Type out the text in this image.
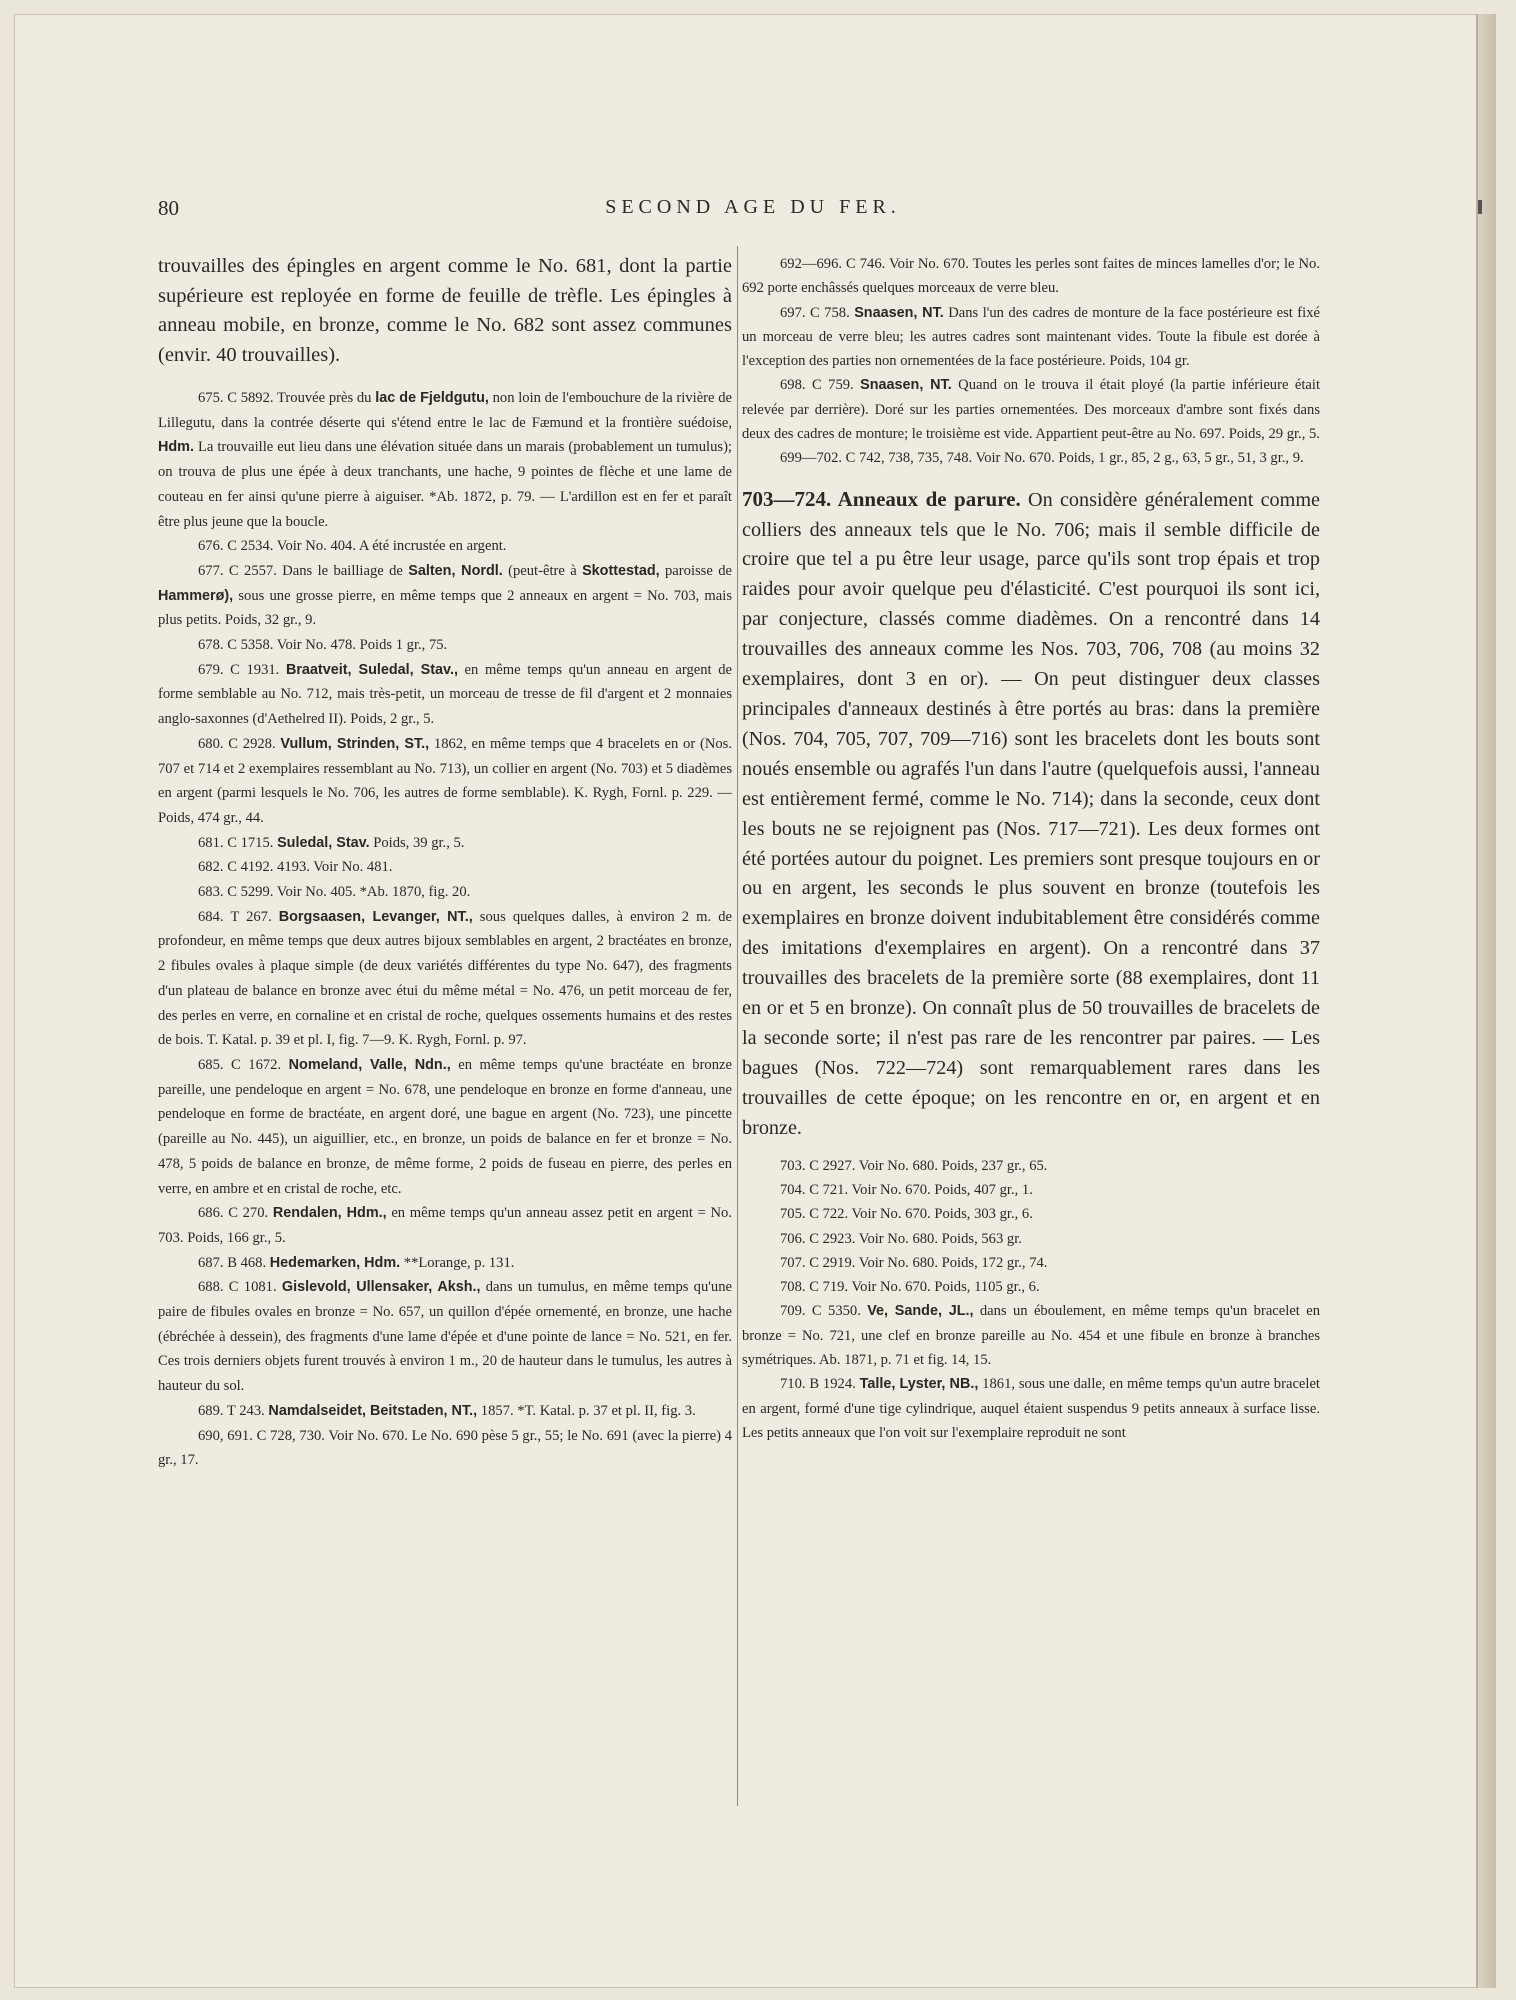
80	SECOND AGE DU FER.

trouvailles des épingles en argent comme le No. 681, dont la partie supérieure est reployée en forme de feuille de trèfle. Les épingles à anneau mobile, en bronze, comme le No. 682 sont assez communes (envir. 40 trouvailles).

675. C 5892. Trouvée près du lac de Fjeldgutu, non loin de l'embouchure de la rivière de Lillegutu, dans la contrée déserte qui s'étend entre le lac de Fæmund et la frontière suédoise, Hdm. La trouvaille eut lieu dans une élévation située dans un marais (probablement un tumulus); on trouva de plus une épée à deux tranchants, une hache, 9 pointes de flèche et une lame de couteau en fer ainsi qu'une pierre à aiguiser. *Ab. 1872, p. 79. — L'ardillon est en fer et paraît être plus jeune que la boucle.

676. C 2534. Voir No. 404. A été incrustée en argent.

677. C 2557. Dans le bailliage de Salten, Nordl. (peut-être à Skottestad, paroisse de Hammerø), sous une grosse pierre, en même temps que 2 anneaux en argent = No. 703, mais plus petits. Poids, 32 gr., 9.

678. C 5358. Voir No. 478. Poids 1 gr., 75.

679. C 1931. Braatveit, Suledal, Stav., en même temps qu'un anneau en argent de forme semblable au No. 712, mais très-petit, un morceau de tresse de fil d'argent et 2 monnaies anglo-saxonnes (d'Aethelred II). Poids, 2 gr., 5.

680. C 2928. Vullum, Strinden, ST., 1862, en même temps que 4 bracelets en or (Nos. 707 et 714 et 2 exemplaires ressemblant au No. 713), un collier en argent (No. 703) et 5 diadèmes en argent (parmi lesquels le No. 706, les autres de forme semblable). K. Rygh, Fornl. p. 229. — Poids, 474 gr., 44.

681. C 1715. Suledal, Stav. Poids, 39 gr., 5.

682. C 4192. 4193. Voir No. 481.

683. C 5299. Voir No. 405. *Ab. 1870, fig. 20.

684. T 267. Borgsaasen, Levanger, NT., sous quelques dalles, à environ 2 m. de profondeur, en même temps que deux autres bijoux semblables en argent, 2 bractéates en bronze, 2 fibules ovales à plaque simple (de deux variétés différentes du type No. 647), des fragments d'un plateau de balance en bronze avec étui du même métal = No. 476, un petit morceau de fer, des perles en verre, en cornaline et en cristal de roche, quelques ossements humains et des restes de bois. T. Katal. p. 39 et pl. I, fig. 7—9. K. Rygh, Fornl. p. 97.

685. C 1672. Nomeland, Valle, Ndn., en même temps qu'une bractéate en bronze pareille, une pendeloque en argent = No. 678, une pendeloque en bronze en forme d'anneau, une pendeloque en forme de bractéate, en argent doré, une bague en argent (No. 723), une pincette (pareille au No. 445), un aiguillier, etc., en bronze, un poids de balance en fer et bronze = No. 478, 5 poids de balance en bronze, de même forme, 2 poids de fuseau en pierre, des perles en verre, en ambre et en cristal de roche, etc.

686. C 270. Rendalen, Hdm., en même temps qu'un anneau assez petit en argent = No. 703. Poids, 166 gr., 5.

687. B 468. Hedemarken, Hdm. **Lorange, p. 131.

688. C 1081. Gislevold, Ullensaker, Aksh., dans un tumulus, en même temps qu'une paire de fibules ovales en bronze = No. 657, un quillon d'épée ornementé, en bronze, une hache (ébréchée à dessein), des fragments d'une lame d'épée et d'une pointe de lance = No. 521, en fer. Ces trois derniers objets furent trouvés à environ 1 m., 20 de hauteur dans le tumulus, les autres à hauteur du sol.

689. T 243. Namdalseidet, Beitstaden, NT., 1857. *T. Katal. p. 37 et pl. II, fig. 3.

690, 691. C 728, 730. Voir No. 670. Le No. 690 pèse 5 gr., 55; le No. 691 (avec la pierre) 4 gr., 17.

692—696. C 746. Voir No. 670. Toutes les perles sont faites de minces lamelles d'or; le No. 692 porte enchâssés quelques morceaux de verre bleu.

697. C 758. Snaasen, NT. Dans l'un des cadres de monture de la face postérieure est fixé un morceau de verre bleu; les autres cadres sont maintenant vides. Toute la fibule est dorée à l'exception des parties non ornementées de la face postérieure. Poids, 104 gr.

698. C 759. Snaasen, NT. Quand on le trouva il était ployé (la partie inférieure était relevée par derrière). Doré sur les parties ornementées. Des morceaux d'ambre sont fixés dans deux des cadres de monture; le troisième est vide. Appartient peut-être au No. 697. Poids, 29 gr., 5.

699—702. C 742, 738, 735, 748. Voir No. 670. Poids, 1 gr., 85, 2 g., 63, 5 gr., 51, 3 gr., 9.

703—724. Anneaux de parure. On considère généralement comme colliers des anneaux tels que le No. 706; mais il semble difficile de croire que tel a pu être leur usage, parce qu'ils sont trop épais et trop raides pour avoir quelque peu d'élasticité. C'est pourquoi ils sont ici, par conjecture, classés comme diadèmes. On a rencontré dans 14 trouvailles des anneaux comme les Nos. 703, 706, 708 (au moins 32 exemplaires, dont 3 en or). — On peut distinguer deux classes principales d'anneaux destinés à être portés au bras: dans la première (Nos. 704, 705, 707, 709—716) sont les bracelets dont les bouts sont noués ensemble ou agrafés l'un dans l'autre (quelquefois aussi, l'anneau est entièrement fermé, comme le No. 714); dans la seconde, ceux dont les bouts ne se rejoignent pas (Nos. 717—721). Les deux formes ont été portées autour du poignet. Les premiers sont presque toujours en or ou en argent, les seconds le plus souvent en bronze (toutefois les exemplaires en bronze doivent indubitablement être considérés comme des imitations d'exemplaires en argent). On a rencontré dans 37 trouvailles des bracelets de la première sorte (88 exemplaires, dont 11 en or et 5 en bronze). On connaît plus de 50 trouvailles de bracelets de la seconde sorte; il n'est pas rare de les rencontrer par paires. — Les bagues (Nos. 722—724) sont remarquablement rares dans les trouvailles de cette époque; on les rencontre en or, en argent et en bronze.

703. C 2927. Voir No. 680. Poids, 237 gr., 65.

704. C 721. Voir No. 670. Poids, 407 gr., 1.

705. C 722. Voir No. 670. Poids, 303 gr., 6.

706. C 2923. Voir No. 680. Poids, 563 gr.

707. C 2919. Voir No. 680. Poids, 172 gr., 74.

708. C 719. Voir No. 670. Poids, 1105 gr., 6.

709. C 5350. Ve, Sande, JL., dans un éboulement, en même temps qu'un bracelet en bronze = No. 721, une clef en bronze pareille au No. 454 et une fibule en bronze à branches symétriques. Ab. 1871, p. 71 et fig. 14, 15.

710. B 1924. Talle, Lyster, NB., 1861, sous une dalle, en même temps qu'un autre bracelet en argent, formé d'une tige cylindrique, auquel étaient suspendus 9 petits anneaux à surface lisse. Les petits anneaux que l'on voit sur l'exemplaire reproduit ne sont
